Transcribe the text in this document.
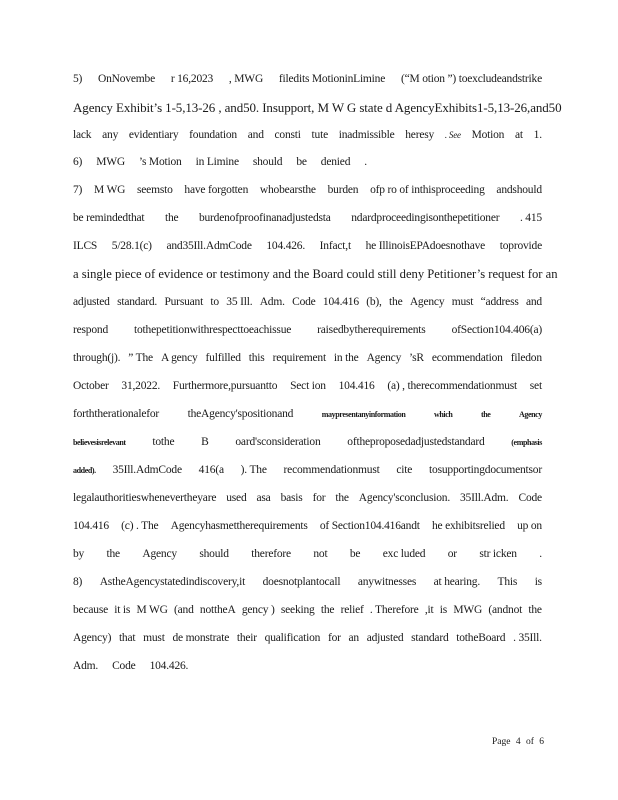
5) OnNovembe r 16,2023 , MWG filedits MotioninLimine (“M otion ”) toexcludeandstrike
Agency Exhibit’s 1-5,13 -26 , and50 . Insupport , M W G state d Agency Exhibits1 -5,13 -26,and50
lack any evidentiary foundation and consti tute inadmissible heresy . See Motion at 1.
6) MWG ’s Motion in Limine should be denied .
7) M WG seemsto have forgotten whobearsthe burden ofp ro of inthisproceeding andshould
be remindedthat the burdenofproofinanadjustedsta ndardproceedingisonthepetitioner . 415
ILCS 5/28.1(c) and35Ill.AdmCode 104.426. Infact,t he IllinoisEPAdoesnothave toprovide
a single piece of evidence or testimony and the Board could still deny Petitioner’s request for an
adjusted standard. Pursuant to 35 Ill. Adm. Code 104.416 (b), the Agency must “address and
respond tothepetitionwithrespecttoeachissue raisedbytherequirements ofSection104.406(a)
through(j). ” The A gency fulfilled this requirement in the Agency ’sR ecommendation filedon
October 31,2022. Furthermore,pursuantto Sect ion 104.416 (a) , therecommendationmust set
forththerationalefor theAgency'spositionand	maypresentanyinformation	which	the	Agency
believesisrelevant tothe B oard'sconsideration oftheproposedadjustedstandard	(emphasis
added). 35Ill.AdmCode 416(a ). The recommendationmust cite tosupportingdocumentsor
legalauthoritieswhenevertheyare used asa basis for the Agency'sconclusion. 35Ill.Adm. Code
104.416 (c) . The Agencyhasmettherequirements of Section104.416andt he exhibitsrelied up on
by the Agency should therefore not be exc luded or str icken .
8) AstheAgencystatedindiscovery,it doesnotplantocall anywitnesses at hearing. This is
because it is M WG (and nottheA gency ) seeking the relief . Therefore ,it is MWG (andnot the
Agency) that must de monstrate their qualification for an adjusted standard totheBoard . 35Ill.
Adm. Code 104.426.
Page 4 of 6
